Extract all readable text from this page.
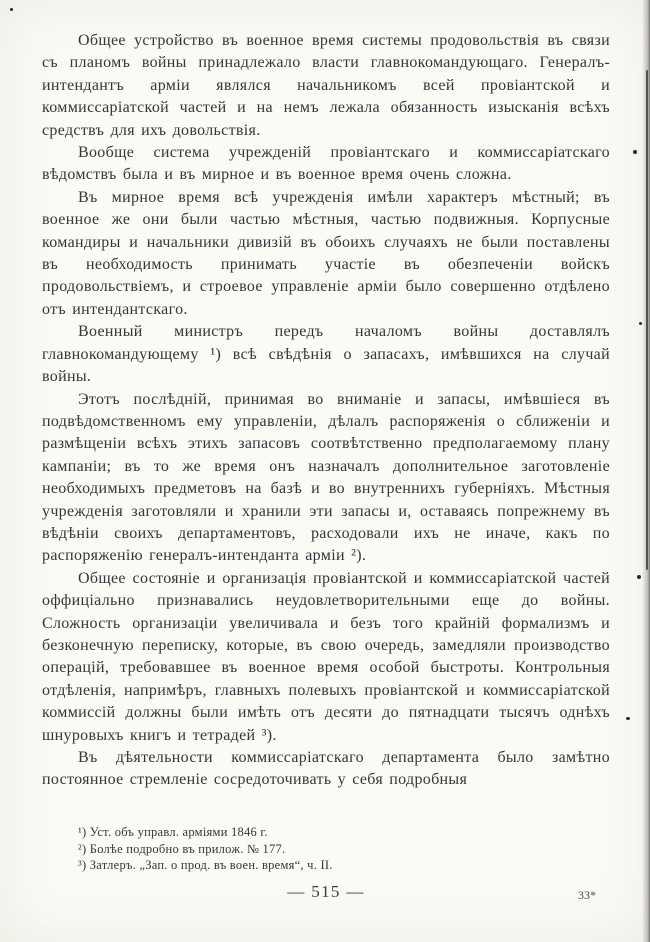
Общее устройство въ военное время системы продовольствія въ связи съ планомъ войны принадлежало власти главнокомандующаго. Генералъ-интендантъ арміи являлся начальникомъ всей провіантской и коммиссаріатской частей и на немъ лежала обязанность изысканія всѣхъ средствъ для ихъ довольствія.

Вообще система учрежденій провіантскаго и коммиссаріатскаго вѣдомствъ была и въ мирное и въ военное время очень сложна.

Въ мирное время всѣ учрежденія имѣли характеръ мѣстный; въ военное же они были частью мѣстныя, частью подвижныя. Корпусные командиры и начальники дивизій въ обоихъ случаяхъ не были поставлены въ необходимость принимать участіе въ обезпеченіи войскъ продовольствіемъ, и строевое управленіе арміи было совершенно отдѣлено отъ интендантскаго.

Военный министръ передъ началомъ войны доставлялъ главнокомандующему ¹) всѣ свѣдѣнія о запасахъ, имѣвшихся на случай войны.

Этотъ послѣдній, принимая во вниманіе и запасы, имѣвшіеся въ подвѣдомственномъ ему управленіи, дѣлалъ распоряженія о сближеніи и размѣщеніи всѣхъ этихъ запасовъ соотвѣтственно предполагаемому плану кампаніи; въ то же время онъ назначалъ дополнительное заготовленіе необходимыхъ предметовъ на базѣ и во внутреннихъ губерніяхъ. Мѣстныя учрежденія заготовляли и хранили эти запасы и, оставаясь попрежнему въ вѣдѣніи своихъ департаментовъ, расходовали ихъ не иначе, какъ по распоряженію генералъ-интенданта арміи ²).

Общее состояніе и организація провіантской и коммиссаріатской частей оффиціально признавались неудовлетворительными еще до войны. Сложность организаціи увеличивала и безъ того крайній формализмъ и безконечную переписку, которые, въ свою очередь, замедляли производство операцій, требовавшее въ военное время особой быстроты. Контрольныя отдѣленія, напримѣръ, главныхъ полевыхъ провіантской и коммиссаріатской коммиссій должны были имѣть отъ десяти до пятнадцати тысячъ однѣхъ шнуровыхъ книгъ и тетрадей ³).

Въ дѣятельности коммиссаріатскаго департамента было замѣтно постоянное стремленіе сосредоточивать у себя подробныя

¹) Уст. объ управл. арміями 1846 г.

²) Болѣе подробно въ прилож. № 177.

³) Затлеръ. „Зап. о прод. въ воен. время“, ч. II.

— 515 —	33*
